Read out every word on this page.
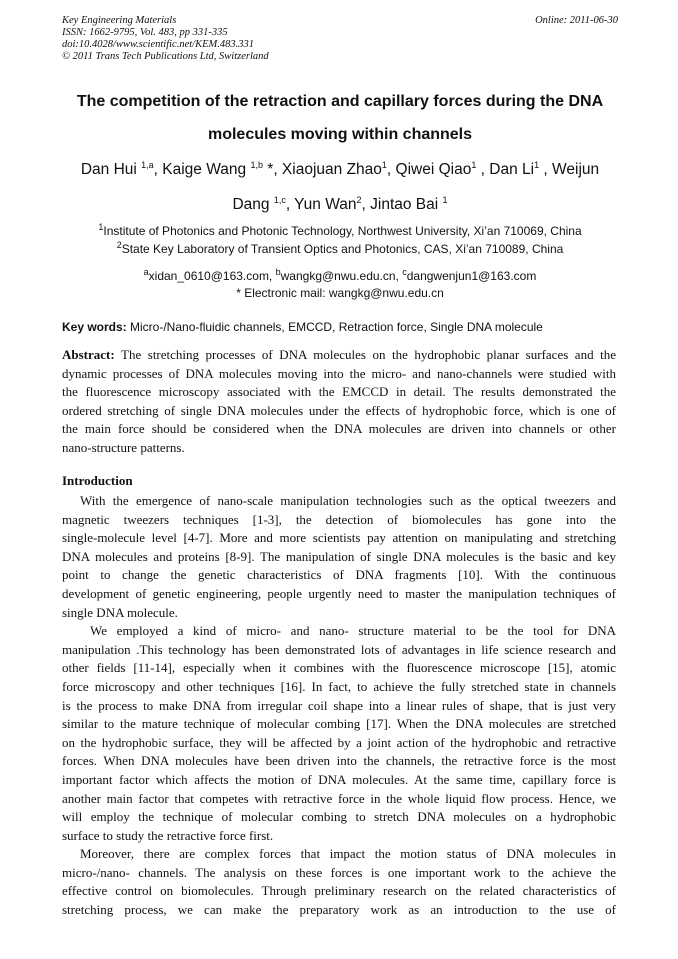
Key Engineering Materials
ISSN: 1662-9795, Vol. 483, pp 331-335
doi:10.4028/www.scientific.net/KEM.483.331
© 2011 Trans Tech Publications Ltd, Switzerland
Online: 2011-06-30
The competition of the retraction and capillary forces during the DNA
molecules moving within channels
Dan Hui $^{1,a}$, Kaige Wang $^{1,b}$ *, Xiaojuan Zhao$^1$, Qiwei Qiao$^1$ , Dan Li$^1$ , Weijun
Dang $^{1,c}$, Yun Wan$^2$, Jintao Bai $^1$
$^1$Institute of Photonics and Photonic Technology, Northwest University, Xi’an 710069, China
$^2$State Key Laboratory of Transient Optics and Photonics, CAS, Xi’an 710089, China
$^a$xidan_0610@163.com, $^b$wangkg@nwu.edu.cn, $^c$dangwenjun1@163.com
* Electronic mail: wangkg@nwu.edu.cn
Key words: Micro-/Nano-fluidic channels, EMCCD, Retraction force, Single DNA molecule
Abstract: The stretching processes of DNA molecules on the hydrophobic planar surfaces and the
dynamic processes of DNA molecules moving into the micro- and nano-channels were studied with
the fluorescence microscopy associated with the EMCCD in detail. The results demonstrated the
ordered stretching of single DNA molecules under the effects of hydrophobic force, which is one of
the main force should be considered when the DNA molecules are driven into channels or other
nano-structure patterns.
Introduction
With the emergence of nano-scale manipulation technologies such as the optical tweezers and
magnetic tweezers techniques [1-3], the detection of biomolecules has gone into the
single-molecule level [4-7]. More and more scientists pay attention on manipulating and stretching
DNA molecules and proteins [8-9]. The manipulation of single DNA molecules is the basic and key
point to change the genetic characteristics of DNA fragments [10]. With the continuous
development of genetic engineering, people urgently need to master the manipulation techniques of
single DNA molecule.
We employed a kind of micro- and nano- structure material to be the tool for DNA
manipulation .This technology has been demonstrated lots of advantages in life science research and
other fields [11-14], especially when it combines with the fluorescence microscope [15], atomic
force microscopy and other techniques [16]. In fact, to achieve the fully stretched state in channels
is the process to make DNA from irregular coil shape into a linear rules of shape, that is just very
similar to the mature technique of molecular combing [17]. When the DNA molecules are stretched
on the hydrophobic surface, they will be affected by a joint action of the hydrophobic and retractive
forces. When DNA molecules have been driven into the channels, the retractive force is the most
important factor which affects the motion of DNA molecules. At the same time, capillary force is
another main factor that competes with retractive force in the whole liquid flow process. Hence, we
will employ the technique of molecular combing to stretch DNA molecules on a hydrophobic
surface to study the retractive force first.
Moreover, there are complex forces that impact the motion status of DNA molecules in
micro-/nano- channels. The analysis on these forces is one important work to the achieve the
effective control on biomolecules. Through preliminary research on the related characteristics of
stretching process, we can make the preparatory work as an introduction to the use of
